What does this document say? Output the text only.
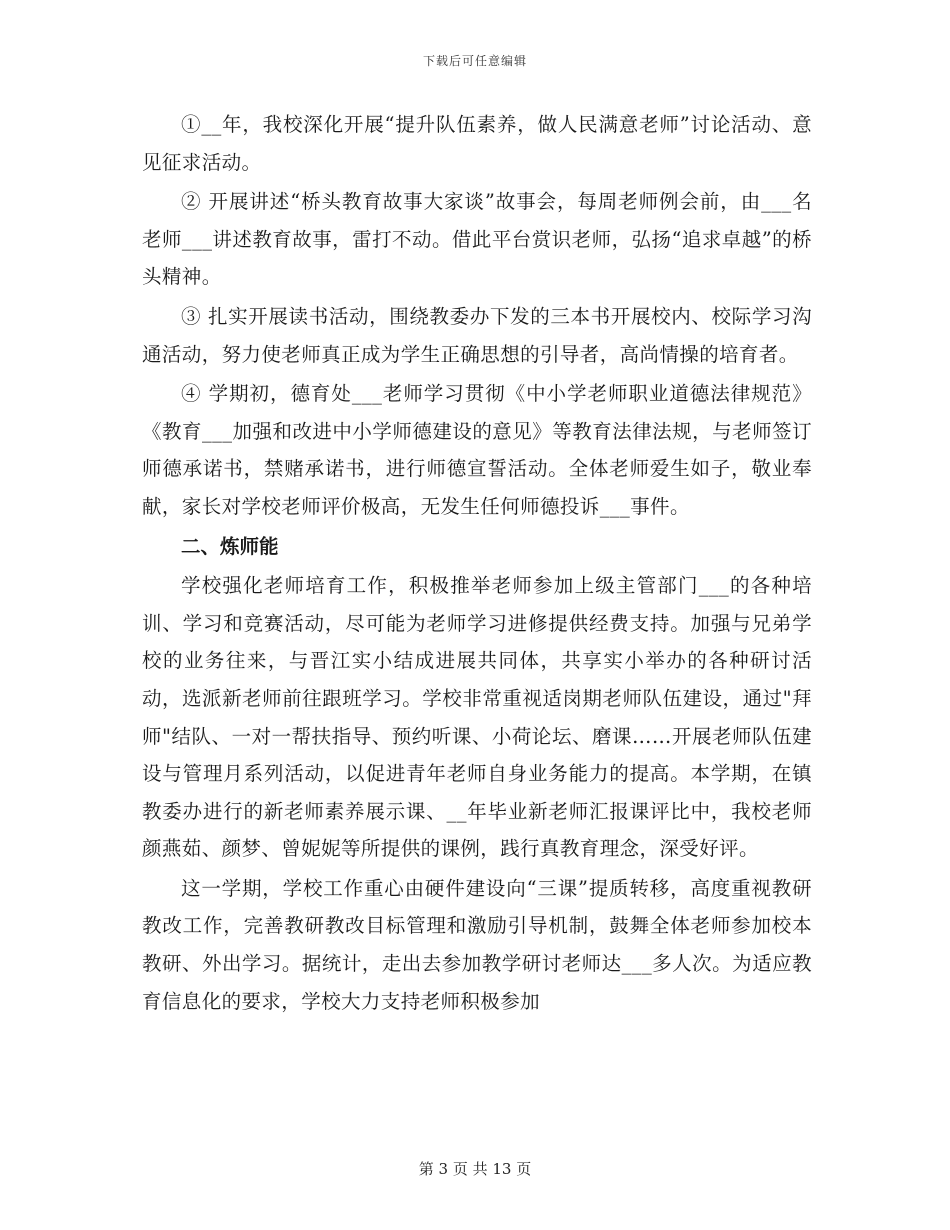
下载后可任意编辑

①__年，我校深化开展“提升队伍素养，做人民满意老师”讨论活动、意见征求活动。

② 开展讲述“桥头教育故事大家谈”故事会，每周老师例会前，由___名老师___讲述教育故事，雷打不动。借此平台赏识老师，弘扬“追求卓越”的桥头精神。

③ 扎实开展读书活动，围绕教委办下发的三本书开展校内、校际学习沟通活动，努力使老师真正成为学生正确思想的引导者，高尚情操的培育者。

④ 学期初，德育处___老师学习贯彻《中小学老师职业道德法律规范》《教育___加强和改进中小学师德建设的意见》等教育法律法规，与老师签订师德承诺书，禁赌承诺书，进行师德宣誓活动。全体老师爱生如子，敬业奉献，家长对学校老师评价极高，无发生任何师德投诉___事件。

二、炼师能

学校强化老师培育工作，积极推举老师参加上级主管部门___的各种培训、学习和竞赛活动，尽可能为老师学习进修提供经费支持。加强与兄弟学校的业务往来，与晋江实小结成进展共同体，共享实小举办的各种研讨活动，选派新老师前往跟班学习。学校非常重视适岗期老师队伍建设，通过"拜师"结队、一对一帮扶指导、预约听课、小荷论坛、磨课……开展老师队伍建设与管理月系列活动，以促进青年老师自身业务能力的提高。本学期，在镇教委办进行的新老师素养展示课、__年毕业新老师汇报课评比中，我校老师颜燕茹、颜梦、曾妮妮等所提供的课例，践行真教育理念，深受好评。

这一学期，学校工作重心由硬件建设向“三课”提质转移，高度重视教研教改工作，完善教研教改目标管理和激励引导机制，鼓舞全体老师参加校本教研、外出学习。据统计，走出去参加教学研讨老师达___多人次。为适应教育信息化的要求，学校大力支持老师积极参加

第 3 页 共 13 页
